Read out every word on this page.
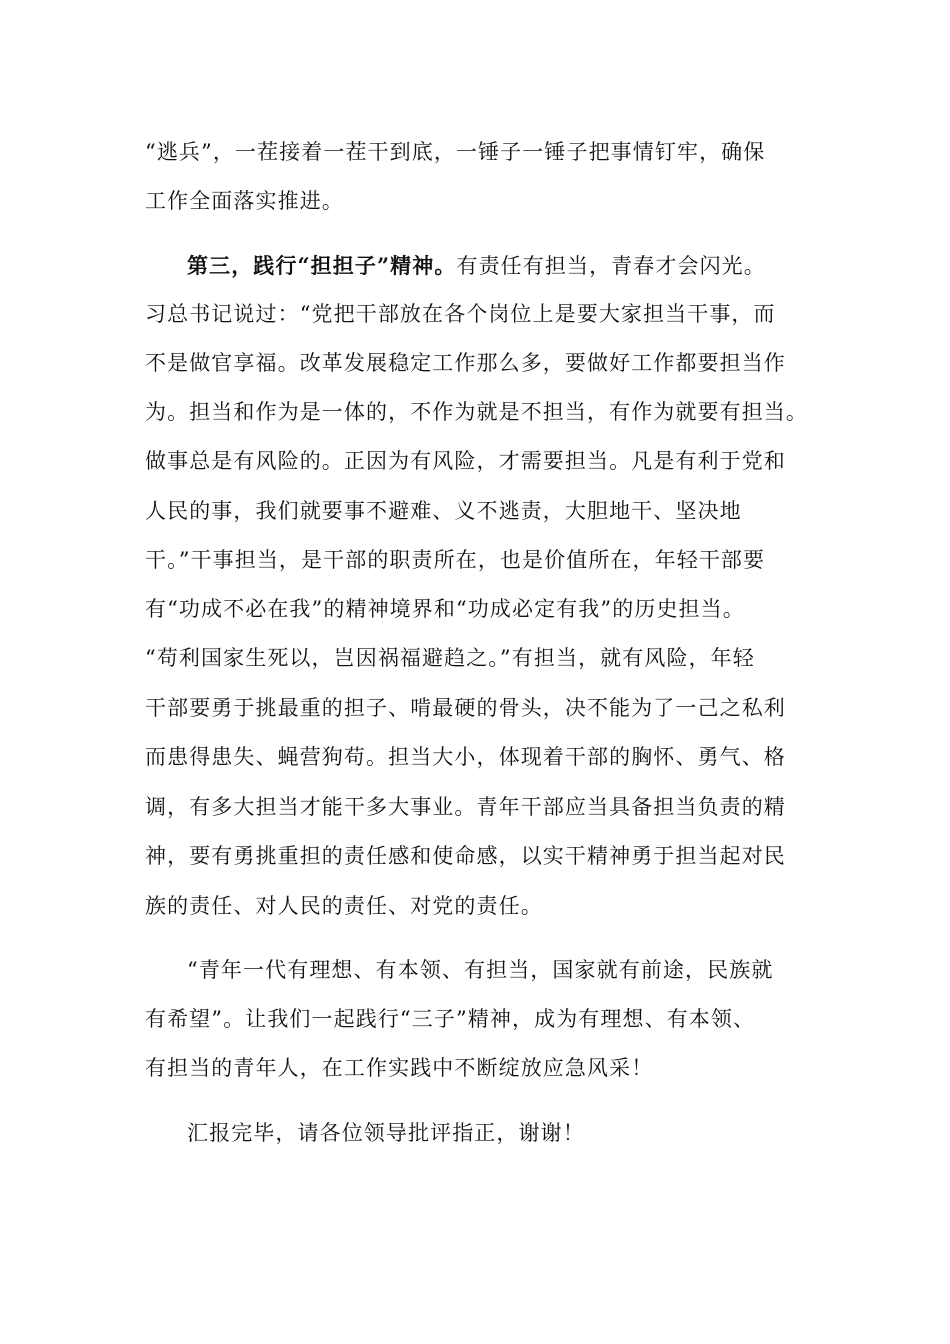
“逃兵”，一茬接着一茬干到底，一锤子一锤子把事情钉牢，确保
工作全面落实推进。
第三，践行“担担子”精神。有责任有担当，青春才会闪光。
习总书记说过：“党把干部放在各个岗位上是要大家担当干事，而
不是做官享福。改革发展稳定工作那么多，要做好工作都要担当作
为。担当和作为是一体的，不作为就是不担当，有作为就要有担当。
做事总是有风险的。正因为有风险，才需要担当。凡是有利于党和
人民的事，我们就要事不避难、义不逃责，大胆地干、坚决地
干。”干事担当，是干部的职责所在，也是价值所在，年轻干部要
有“功成不必在我”的精神境界和“功成必定有我”的历史担当。
“苟利国家生死以，岂因祸福避趋之。”有担当，就有风险，年轻
干部要勇于挑最重的担子、啃最硬的骨头，决不能为了一己之私利
而患得患失、蝇营狗苟。担当大小，体现着干部的胸怀、勇气、格
调，有多大担当才能干多大事业。青年干部应当具备担当负责的精
神，要有勇挑重担的责任感和使命感，以实干精神勇于担当起对民
族的责任、对人民的责任、对党的责任。
“青年一代有理想、有本领、有担当，国家就有前途，民族就
有希望”。让我们一起践行“三子”精神，成为有理想、有本领、
有担当的青年人，在工作实践中不断绽放应急风采！
汇报完毕，请各位领导批评指正，谢谢！
